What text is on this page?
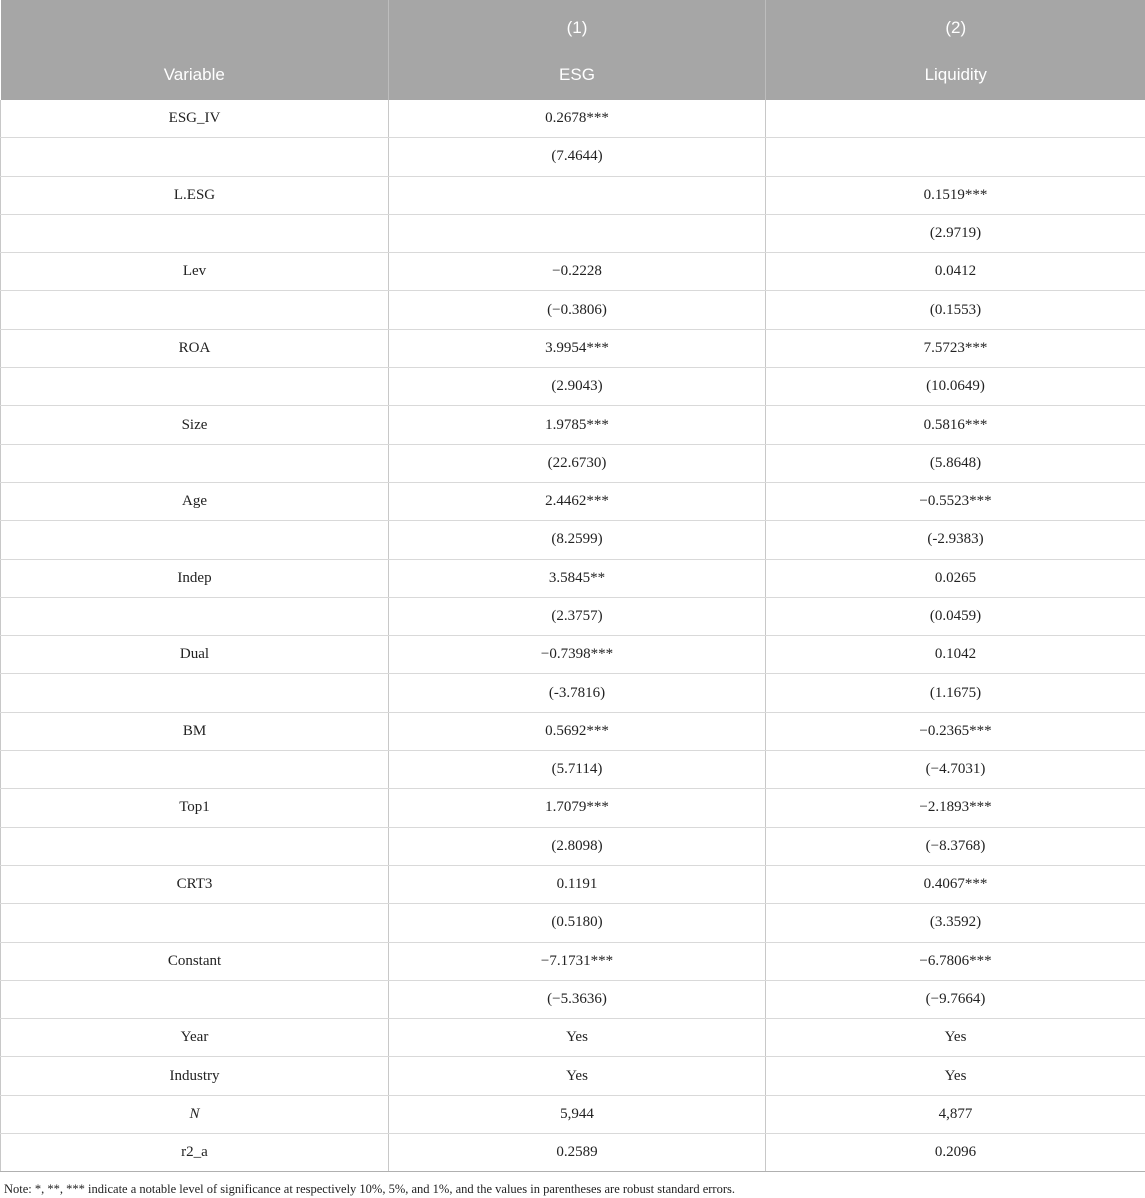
	(1)	(2)
Variable	ESG	Liquidity
ESG_IV	0.2678***	
	(7.4644)	
L.ESG		0.1519***
		(2.9719)
Lev	−0.2228	0.0412
	(−0.3806)	(0.1553)
ROA	3.9954***	7.5723***
	(2.9043)	(10.0649)
Size	1.9785***	0.5816***
	(22.6730)	(5.8648)
Age	2.4462***	−0.5523***
	(8.2599)	(-2.9383)
Indep	3.5845**	0.0265
	(2.3757)	(0.0459)
Dual	−0.7398***	0.1042
	(-3.7816)	(1.1675)
BM	0.5692***	−0.2365***
	(5.7114)	(−4.7031)
Top1	1.7079***	−2.1893***
	(2.8098)	(−8.3768)
CRT3	0.1191	0.4067***
	(0.5180)	(3.3592)
Constant	−7.1731***	−6.7806***
	(−5.3636)	(−9.7664)
Year	Yes	Yes
Industry	Yes	Yes
N	5,944	4,877
r2_a	0.2589	0.2096
Note: *, **, *** indicate a notable level of significance at respectively 10%, 5%, and 1%, and the values in parentheses are robust standard errors.
